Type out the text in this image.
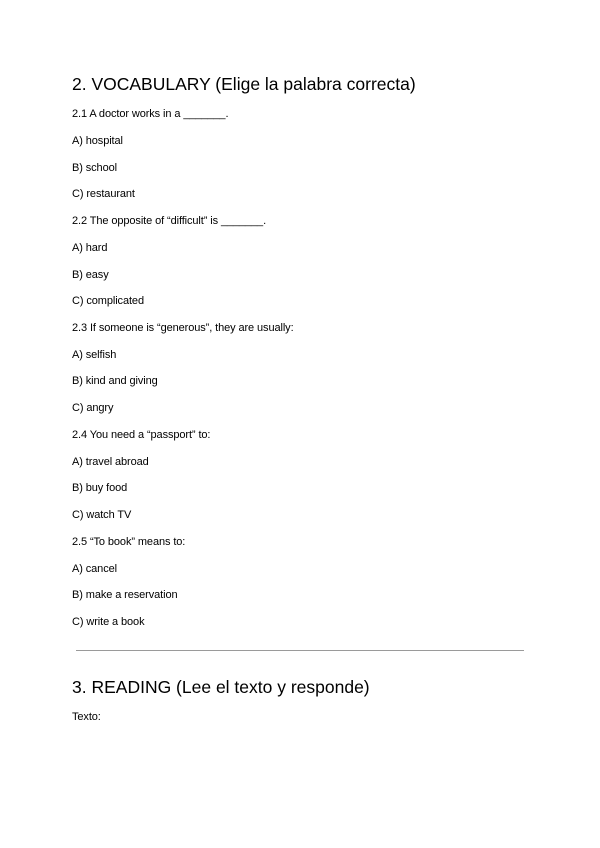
2. VOCABULARY (Elige la palabra correcta)
2.1 A doctor works in a _______.
A) hospital
B) school
C) restaurant
2.2 The opposite of “difficult” is _______.
A) hard
B) easy
C) complicated
2.3 If someone is “generous”, they are usually:
A) selfish
B) kind and giving
C) angry
2.4 You need a “passport” to:
A) travel abroad
B) buy food
C) watch TV
2.5 “To book” means to:
A) cancel
B) make a reservation
C) write a book
3. READING (Lee el texto y responde)
Texto:
